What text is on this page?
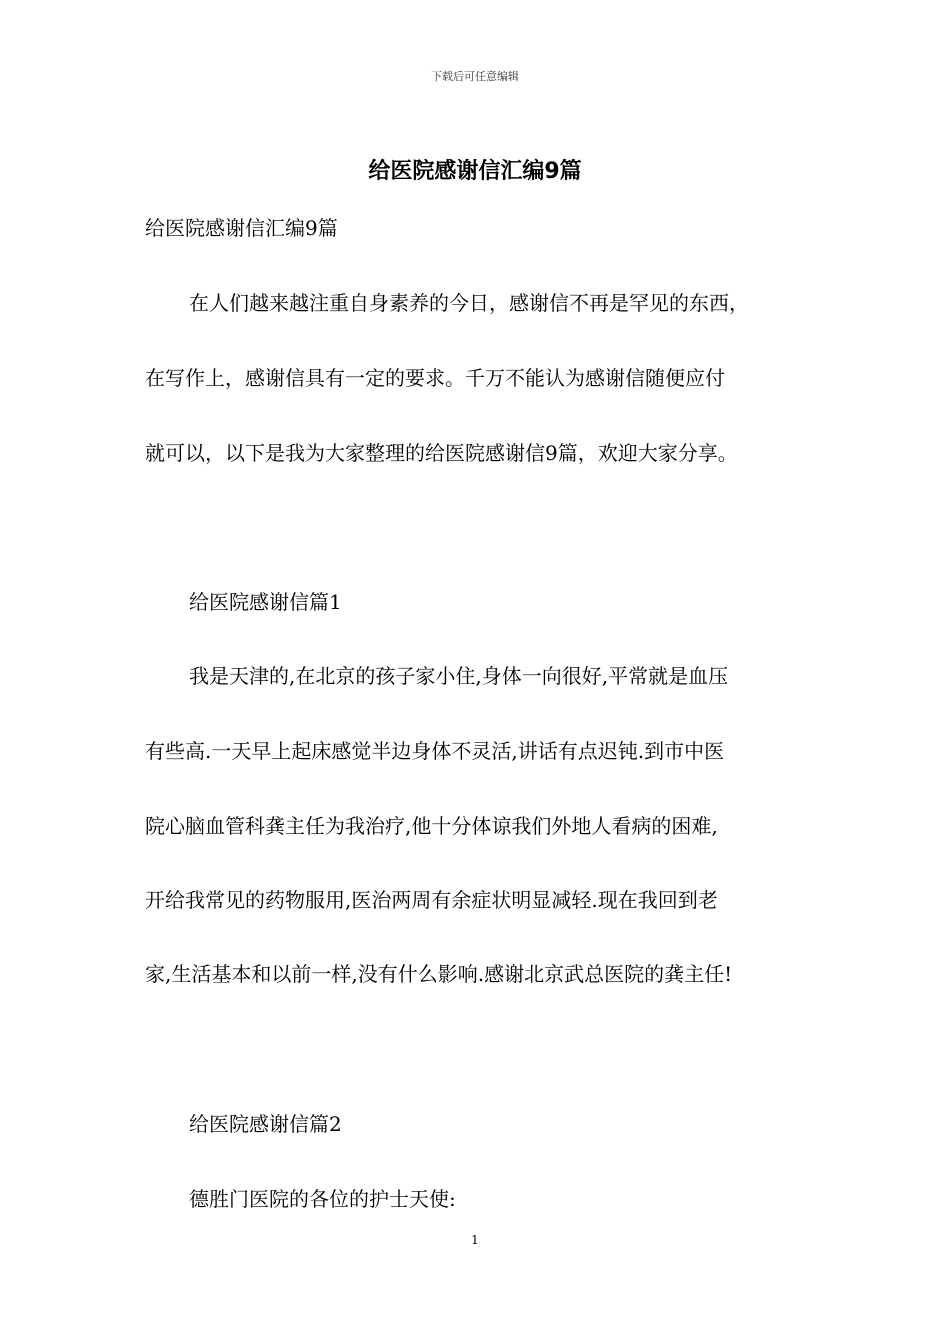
下载后可任意编辑
给医院感谢信汇编9篇

给医院感谢信汇编9篇

在人们越来越注重自身素养的今日，感谢信不再是罕见的东西，

在写作上，感谢信具有一定的要求。千万不能认为感谢信随便应付

就可以，以下是我为大家整理的给医院感谢信9篇，欢迎大家分享。

给医院感谢信篇1

我是天津的,在北京的孩子家小住,身体一向很好,平常就是血压

有些高.一天早上起床感觉半边身体不灵活,讲话有点迟钝.到市中医

院心脑血管科龚主任为我治疗,他十分体谅我们外地人看病的困难,

开给我常见的药物服用,医治两周有余症状明显减轻.现在我回到老

家,生活基本和以前一样,没有什么影响.感谢北京武总医院的龚主任!

给医院感谢信篇2

德胜门医院的各位的护士天使:

1
